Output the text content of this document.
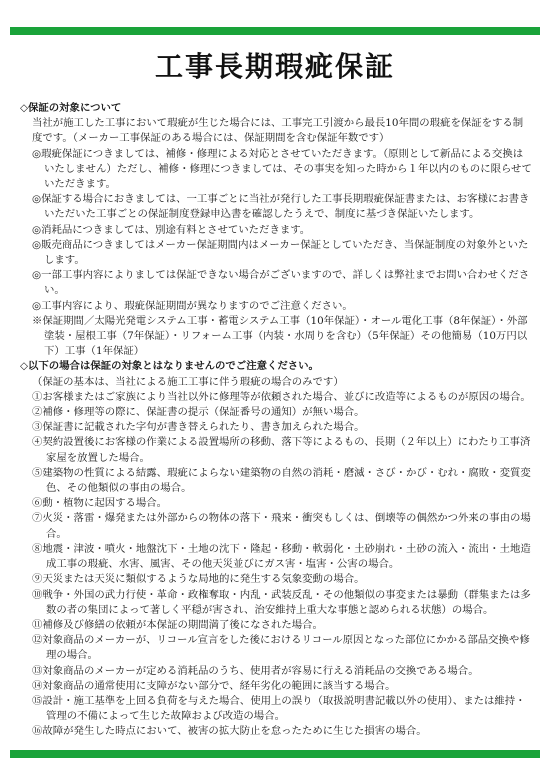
工事長期瑕疵保証
◇保証の対象について
当社が施工した工事において瑕疵が生じた場合には、工事完工引渡から最長10年間の瑕疵を保証をする制度です。（メーカー工事保証のある場合には、保証期間を含む保証年数です）
◎瑕疵保証につきましては、補修・修理による対応とさせていただきます。（原則として新品による交換はいたしません）ただし、補修・修理につきましては、その事実を知った時から１年以内のものに限らせていただきます。
◎保証する場合におきましては、一工事ごとに当社が発行した工事長期瑕疵保証書または、お客様にお書きいただいた工事ごとの保証制度登録申込書を確認したうえで、制度に基づき保証いたします。
◎消耗品につきましては、別途有料とさせていただきます。
◎販売商品につきましてはメーカー保証期間内はメーカー保証としていただき、当保証制度の対象外といたします。
◎一部工事内容によりましては保証できない場合がございますので、詳しくは弊社までお問い合わせください。
◎工事内容により、瑕疵保証期間が異なりますのでご注意ください。
※保証期間／太陽光発電システム工事・蓄電システム工事（10年保証）・オール電化工事（8年保証）・外部塗装・屋根工事（7年保証）・リフォーム工事（内装・水周りを含む）（5年保証）その他簡易（10万円以下）工事（1年保証）
◇以下の場合は保証の対象とはなりませんのでご注意ください。
（保証の基本は、当社による施工工事に伴う瑕疵の場合のみです）
①お客様またはご家族により当社以外に修理等が依頼された場合、並びに改造等によるものが原因の場合。
②補修・修理等の際に、保証書の提示（保証番号の通知）が無い場合。
③保証書に記載された字句が書き替えられたり、書き加えられた場合。
④契約設置後にお客様の作業による設置場所の移動、落下等によるもの、長期（２年以上）にわたり工事済家屋を放置した場合。
⑤建築物の性質による結露、瑕疵によらない建築物の自然の消耗・磨滅・さび・かび・むれ・腐敗・変質変色、その他類似の事由の場合。
⑥動・植物に起因する場合。
⑦火災・落雷・爆発または外部からの物体の落下・飛来・衝突もしくは、倒壊等の偶然かつ外来の事由の場合。
⑧地震・津波・噴火・地盤沈下・土地の沈下・隆起・移動・軟弱化・土砂崩れ・土砂の流入・流出・土地造成工事の瑕疵、水害、風害、その他天災並びにガス害・塩害・公害の場合。
⑨天災または天災に類似するような局地的に発生する気象変動の場合。
⑩戦争・外国の武力行使・革命・政権奪取・内乱・武装反乱・その他類似の事変または暴動（群集または多数の者の集団によって著しく平穏が害され、治安維持上重大な事態と認められる状態）の場合。
⑪補修及び修繕の依頼が本保証の期間満了後になされた場合。
⑫対象商品のメーカーが、リコール宣言をした後におけるリコール原因となった部位にかかる部品交換や修理の場合。
⑬対象商品のメーカーが定める消耗品のうち、使用者が容易に行える消耗品の交換である場合。
⑭対象商品の通常使用に支障がない部分で、経年劣化の範囲に該当する場合。
⑮設計・施工基準を上回る負荷を与えた場合、使用上の誤り（取扱説明書記載以外の使用）、または維持・管理の不備によって生じた故障および改造の場合。
⑯故障が発生した時点において、被害の拡大防止を怠ったために生じた損害の場合。
